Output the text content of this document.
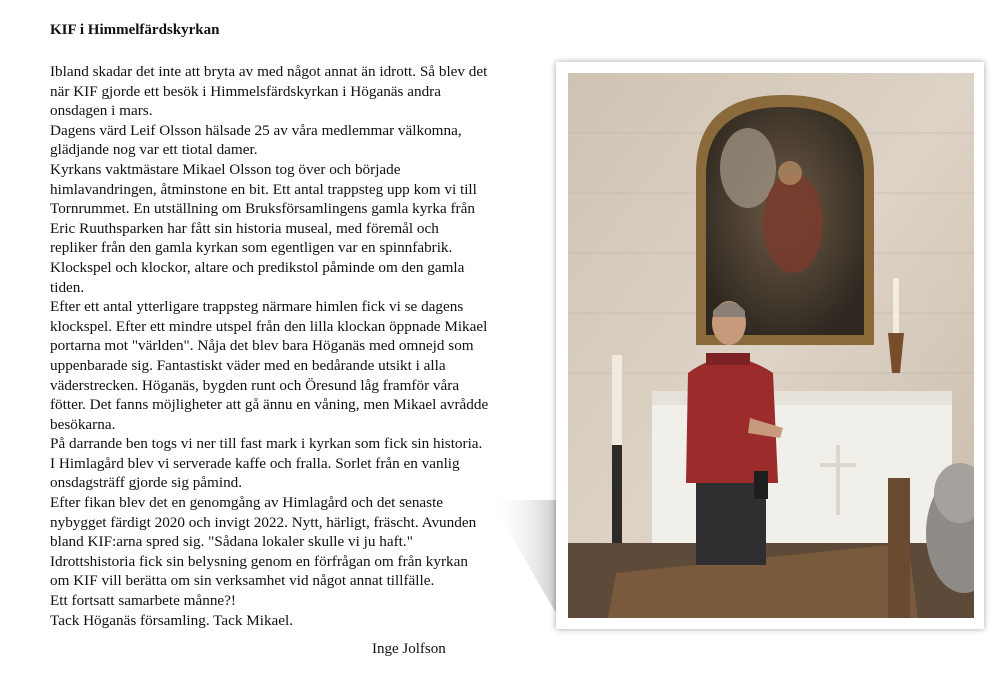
KIF i Himmelfärdskyrkan
Ibland skadar det inte att bryta av med något annat än idrott. Så blev det
när KIF gjorde ett besök i Himmelsfärdskyrkan i Höganäs andra
onsdagen i mars.
Dagens värd Leif Olsson hälsade 25 av våra medlemmar välkomna,
glädjande nog var ett tiotal damer.
Kyrkans vaktmästare Mikael Olsson tog över och började
himlavandringen, åtminstone en bit. Ett antal trappsteg upp kom vi till
Tornrummet. En utställning om Bruksförsamlingens gamla kyrka från
Eric Ruuthsparken har fått sin historia museal, med föremål och
repliker från den gamla kyrkan som egentligen var en spinnfabrik.
Klockspel och klockor, altare och predikstol påminde om den gamla
tiden.
Efter ett antal ytterligare trappsteg närmare himlen fick vi se dagens
klockspel. Efter ett mindre utspel från den lilla klockan öppnade Mikael
portarna mot "världen". Nåja det blev bara Höganäs med omnejd som
uppenbarade sig. Fantastiskt väder med en bedårande utsikt i alla
väderstrecken. Höganäs, bygden runt och Öresund låg framför våra
fötter. Det fanns möjligheter att gå ännu en våning, men Mikael avrådde
besökarna.
På darrande ben togs vi ner till fast mark i kyrkan som fick sin historia.
I Himlagård blev vi serverade kaffe och fralla. Sorlet från en vanlig
onsdagsträff gjorde sig påmind.
Efter fikan blev det en genomgång av Himlagård och det senaste
nybygget färdigt 2020 och invigt 2022. Nytt, härligt, fräscht. Avunden
bland KIF:arna spred sig. "Sådana lokaler skulle vi ju haft."
Idrottshistoria fick sin belysning genom en förfrågan om från kyrkan
om KIF vill berätta om sin verksamhet vid något annat tillfälle.
Ett fortsatt samarbete månne?!
Tack Höganäs församling. Tack Mikael.
Inge Jolfson
